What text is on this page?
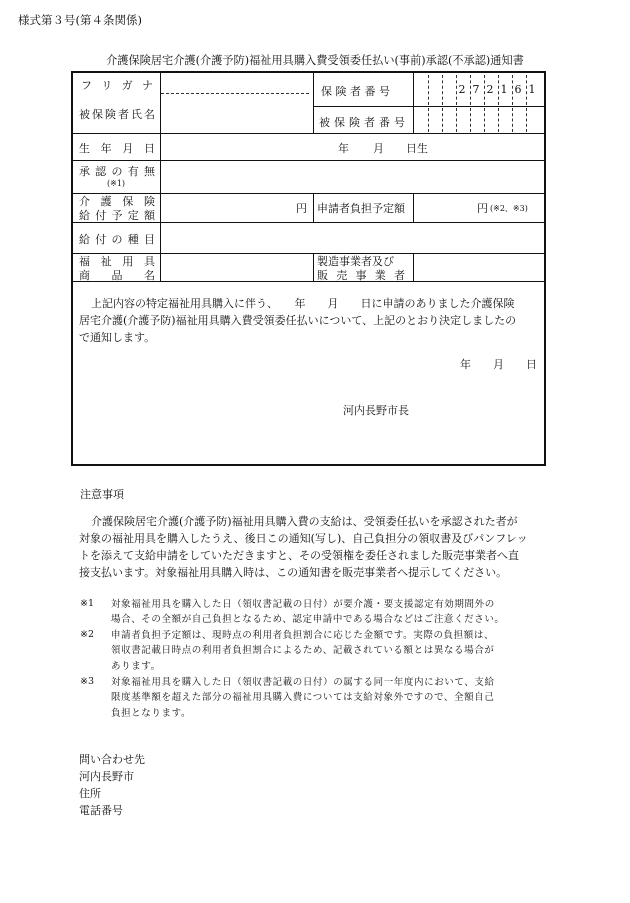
様式第３号(第４条関係)
介護保険居宅介護(介護予防)福祉用具購入費受領委任払い(事前)承認(不承認)通知書
フ リ ガ ナ
被保険者氏名
保 険 者 番 号
被保険者番号
2 7 2 1 6 1
生 年 月 日	年 月 日生
承 認 の 有 無
(※1)
介 護 保 険
給付予定額
円 申請者負担予定額	円 (※2、※3)
給 付 の 種 目
福 祉 用 具
商 品 名
製造事業者及び
販 売 事 業 者
上記内容の特定福祉用具購入に伴う、　　年　　月　　日に申請のありました介護保険
居宅介護(介護予防)福祉用具購入費受領委任払いについて、上記のとおり決定しましたの
で通知します。
年　　月　　日
河内長野市長
注意事項
介護保険居宅介護(介護予防)福祉用具購入費の支給は、受領委任払いを承認された者が
対象の福祉用具を購入したうえ、後日この通知(写し)、自己負担分の領収書及びパンフレッ
トを添えて支給申請をしていただきますと、その受領権を委任されました販売事業者へ直
接支払います。対象福祉用具購入時は、この通知書を販売事業者へ提示してください。
※1 対象福祉用具を購入した日（領収書記載の日付）が要介護・要支援認定有効期間外の
場合、その全額が自己負担となるため、認定申請中である場合などはご注意ください。
※2 申請者負担予定額は、現時点の利用者負担割合に応じた金額です。実際の負担額は、
領収書記載日時点の利用者負担割合によるため、記載されている額とは異なる場合が
あります。
※3 対象福祉用具を購入した日（領収書記載の日付）の属する同一年度内において、支給
限度基準額を超えた部分の福祉用具購入費については支給対象外ですので、全額自己
負担となります。
問い合わせ先
河内長野市
住所
電話番号
